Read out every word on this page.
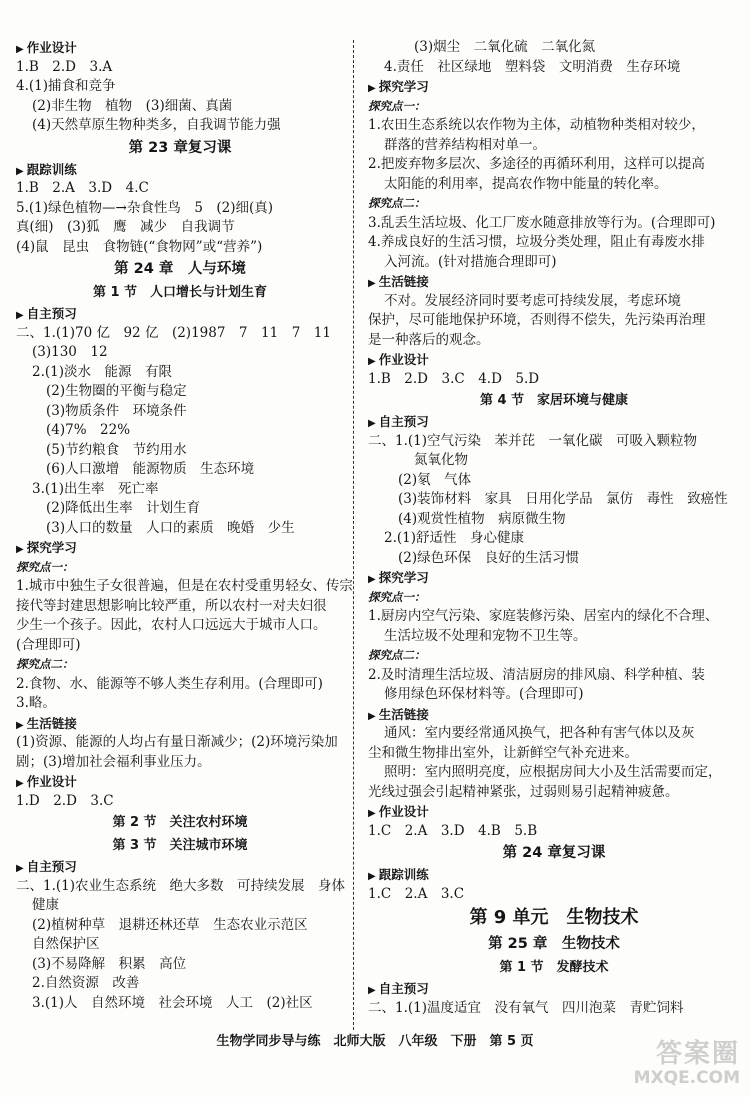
▶ 作业设计
1.B　2.D　3.A
4.(1)捕食和竞争
(2)非生物　植物　(3)细菌、真菌
(4)天然草原生物种类多，自我调节能力强
第 23 章复习课
▶ 跟踪训练
1.B　2.A　3.D　4.C
5.(1)绿色植物—→杂食性鸟　5　(2)细(真)
真(细)　(3)狐　鹰　减少　自我调节
(4)鼠　昆虫　食物链(“食物网”或“营养”)
第 24 章　人与环境
第 1 节　人口增长与计划生育
▶ 自主预习
二、1.(1)70 亿　92 亿　(2)1987　7　11　7　11
(3)130　12
2.(1)淡水　能源　有限
(2)生物圈的平衡与稳定
(3)物质条件　环境条件
(4)7%　22%
(5)节约粮食　节约用水
(6)人口激增　能源物质　生态环境
3.(1)出生率　死亡率
(2)降低出生率　计划生育
(3)人口的数量　人口的素质　晚婚　少生
▶ 探究学习
探究点一：
1.城市中独生子女很普遍，但是在农村受重男轻女、传宗
接代等封建思想影响比较严重，所以农村一对夫妇很
少生一个孩子。因此，农村人口远远大于城市人口。
(合理即可)
探究点二：
2.食物、水、能源等不够人类生存利用。(合理即可)
3.略。
▶ 生活链接
(1)资源、能源的人均占有量日渐减少；(2)环境污染加
剧；(3)增加社会福利事业压力。
▶ 作业设计
1.D　2.D　3.C
第 2 节　关注农村环境
第 3 节　关注城市环境
▶ 自主预习
二、1.(1)农业生态系统　绝大多数　可持续发展　身体
健康
(2)植树种草　退耕还林还草　生态农业示范区
自然保护区
(3)不易降解　积累　高位
2.自然资源　改善
3.(1)人　自然环境　社会环境　人工　(2)社区
(3)烟尘　二氧化硫　二氧化氮
4.责任　社区绿地　塑料袋　文明消费　生存环境
▶ 探究学习
探究点一：
1.农田生态系统以农作物为主体，动植物种类相对较少，
群落的营养结构相对单一。
2.把废弃物多层次、多途径的再循环利用，这样可以提高
太阳能的利用率，提高农作物中能量的转化率。
探究点二：
3.乱丢生活垃圾、化工厂废水随意排放等行为。(合理即可)
4.养成良好的生活习惯，垃圾分类处理，阻止有毒废水排
入河流。(针对措施合理即可)
▶ 生活链接
不对。发展经济同时要考虑可持续发展，考虑环境
保护，尽可能地保护环境，否则得不偿失，先污染再治理
是一种落后的观念。
▶ 作业设计
1.B　2.D　3.C　4.D　5.D
第 4 节　家居环境与健康
▶ 自主预习
二、1.(1)空气污染　苯并芘　一氧化碳　可吸入颗粒物
氮氧化物
(2)氡　气体
(3)装饰材料　家具　日用化学品　氯仿　毒性　致癌性
(4)观赏性植物　病原微生物
2.(1)舒适性　身心健康
(2)绿色环保　良好的生活习惯
▶ 探究学习
探究点一：
1.厨房内空气污染、家庭装修污染、居室内的绿化不合理、
生活垃圾不处理和宠物不卫生等。
探究点二：
2.及时清理生活垃圾、清洁厨房的排风扇、科学种植、装
修用绿色环保材料等。(合理即可)
▶ 生活链接
通风：室内要经常通风换气，把各种有害气体以及灰
尘和微生物排出室外，让新鲜空气补充进来。
照明：室内照明亮度，应根据房间大小及生活需要而定，
光线过强会引起精神紧张，过弱则易引起精神疲惫。
▶ 作业设计
1.C　2.A　3.D　4.B　5.B
第 24 章复习课
▶ 跟踪训练
1.C　2.A　3.C
第 9 单元　生物技术
第 25 章　生物技术
第 1 节　发酵技术
▶ 自主预习
二、1.(1)温度适宜　没有氧气　四川泡菜　青贮饲料
生物学同步导与练　北师大版　八年级　下册　第 5 页	答案圈
MXQE.COM
